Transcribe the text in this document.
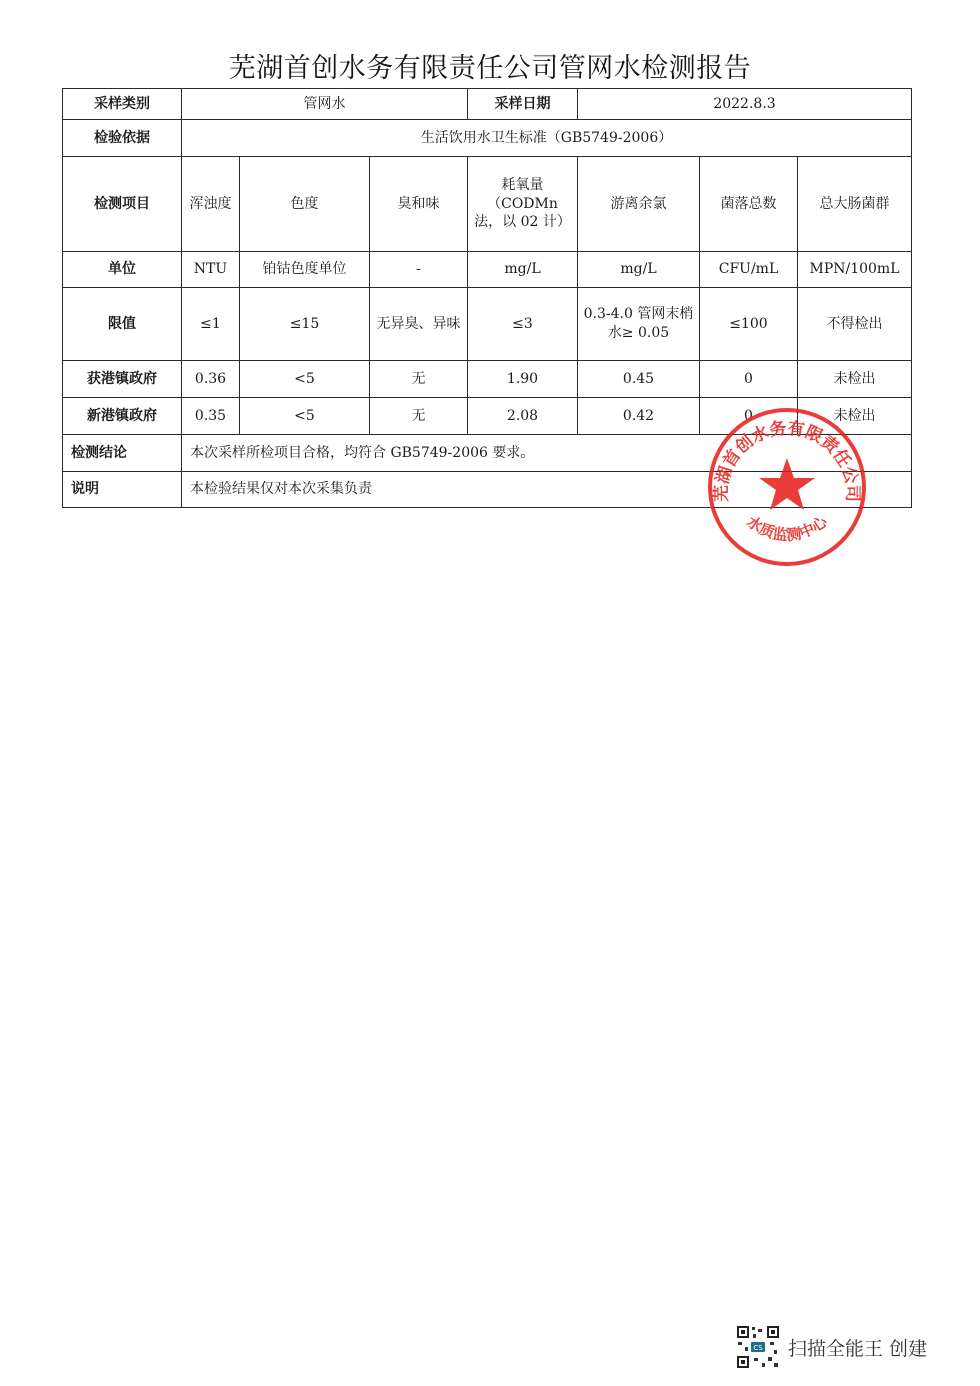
芜湖首创水务有限责任公司管网水检测报告
采样类别	管网水			采样日期	2022.8.3		
检验依据	生活饮用水卫生标准（GB5749-2006）						
检测项目	浑浊度	色度	臭和味	耗氧量（CODMn 法，以 02 计）	游离余氯	菌落总数	总大肠菌群
单位	NTU	铂钴色度单位	-	mg/L	mg/L	CFU/mL	MPN/100mL
限值	≤1	≤15	无异臭、异味	≤3	0.3-4.0 管网末梢水≥ 0.05	≤100	不得检出
获港镇政府	0.36	<5	无	1.90	0.45	0	未检出
新港镇政府	0.35	<5	无	2.08	0.42	0	未检出
检测结论	本次采样所检项目合格，均符合 GB5749-2006 要求。						
说明	本检验结果仅对本次采集负责							芜湖首创水务有限责任公司
水质监测中心
CS 扫描全能王 创建
